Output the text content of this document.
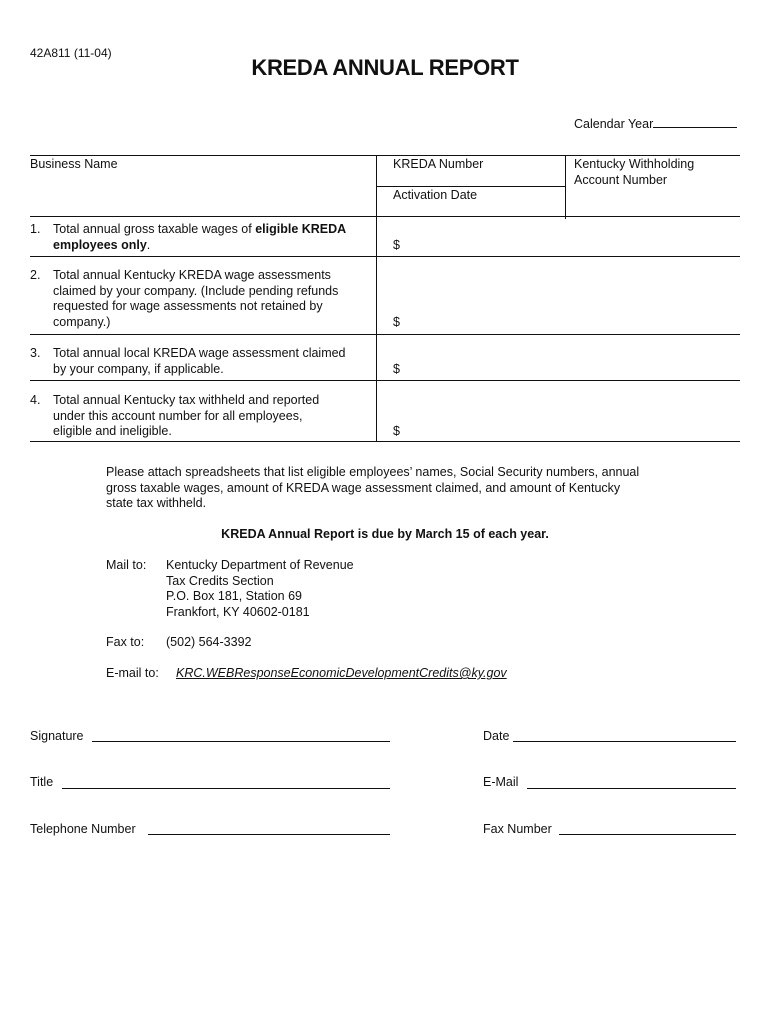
42A811 (11-04)
KREDA ANNUAL REPORT
Calendar Year
Business Name	KREDA Number
Activation Date
Kentucky Withholding
Account Number
1. Total annual gross taxable wages of eligible KREDA
employees only.	$
2. Total annual Kentucky KREDA wage assessments
claimed by your company. (Include pending refunds
requested for wage assessments not retained by
company.)	$
3. Total annual local KREDA wage assessment claimed
by your company, if applicable.	$
4. Total annual Kentucky tax withheld and reported
under this account number for all employees,
eligible and ineligible.	$
Please attach spreadsheets that list eligible employees’ names, Social Security numbers, annual
gross taxable wages, amount of KREDA wage assessment claimed, and amount of Kentucky
state tax withheld.
KREDA Annual Report is due by March 15 of each year.
Mail to: Kentucky Department of Revenue
Tax Credits Section
P.O. Box 181, Station 69
Frankfort, KY 40602-0181
Fax to: (502) 564-3392
E-mail to: KRC.WEBResponseEconomicDevelopmentCredits@ky.gov
Signature	Date
Title	E-Mail
Telephone Number	Fax Number
